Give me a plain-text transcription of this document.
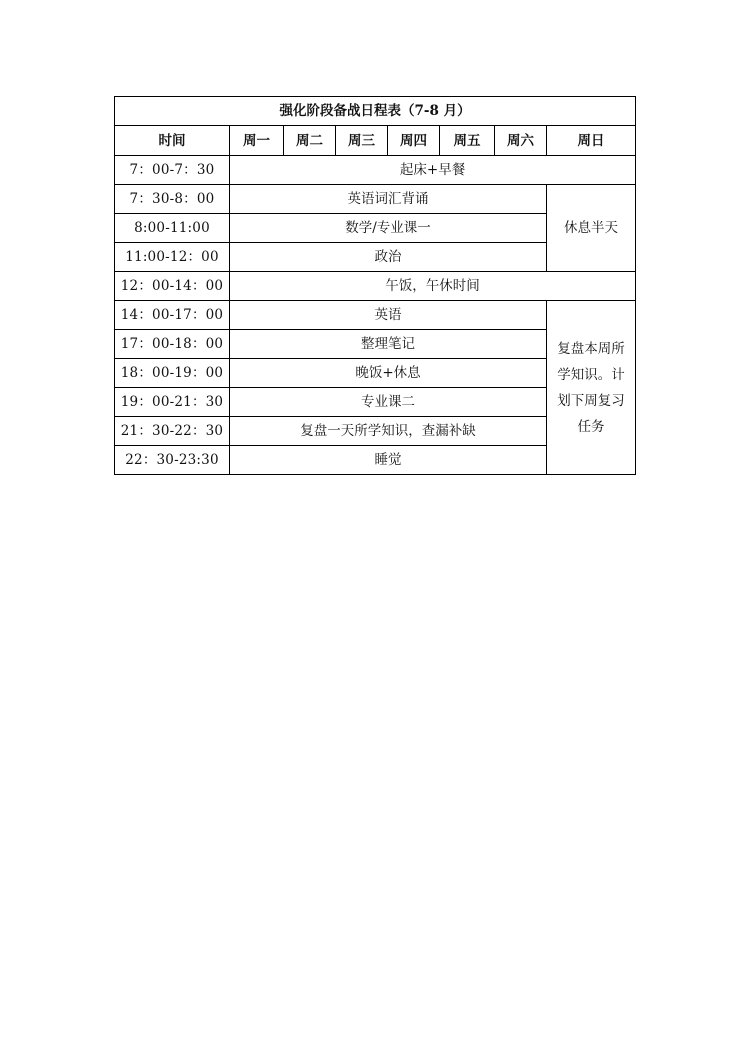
强化阶段备战日程表（7-8 月）							
时间	周一	周二	周三	周四	周五	周六	周日
7：00-7：30	起床+早餐						
7：30-8：00	英语词汇背诵						休息半天
8:00-11:00	数学/专业课一						
11:00-12：00	政治						
12：00-14：00	午饭，午休时间						
14：00-17：00	英语						复盘本周所学知识。计划下周复习任务
17：00-18：00	整理笔记						
18：00-19：00	晚饭+休息						
19：00-21：30	专业课二						
21：30-22：30	复盘一天所学知识，查漏补缺						
22：30-23:30	睡觉						
